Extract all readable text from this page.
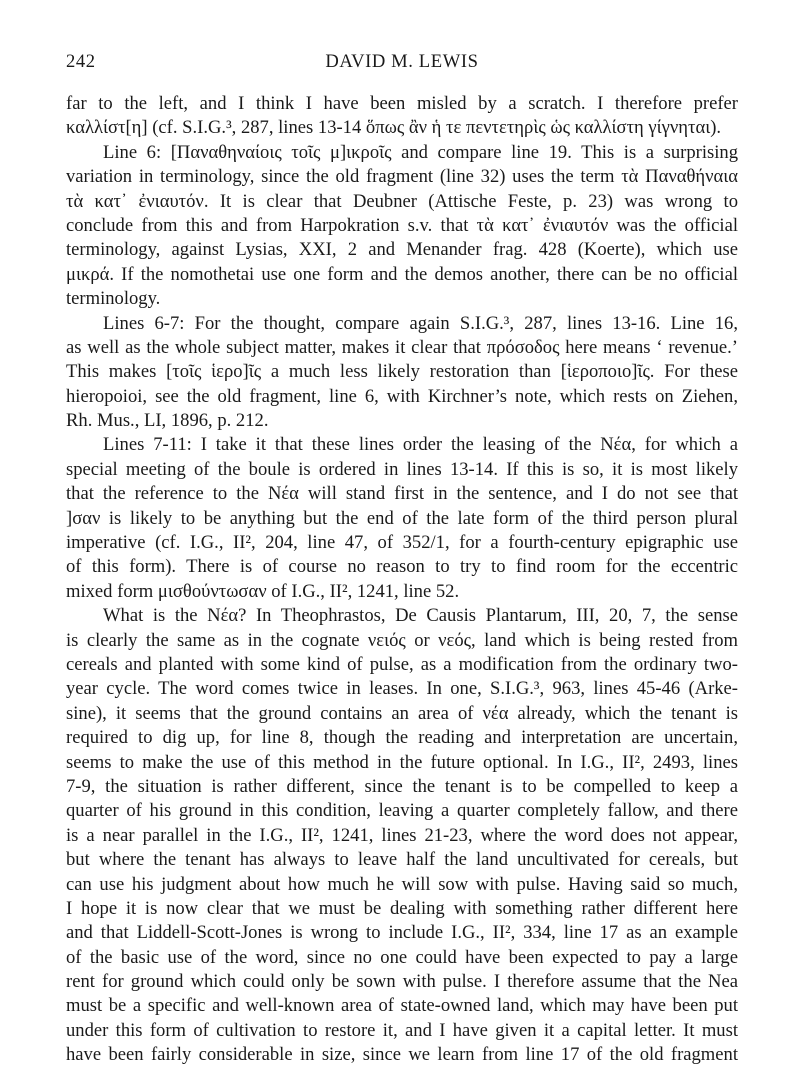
242	DAVID M. LEWIS
far to the left, and I think I have been misled by a scratch. I therefore prefer
καλλίστ[η] (cf. S.I.G.³, 287, lines 13-14 ὅπως ἂν ἡ τε πεντετηρὶς ὡς καλλίστη γίγνηται).
Line 6: [Παναθηναίοις τοῖς μ]ικροῖς and compare line 19. This is a surprising
variation in terminology, since the old fragment (line 32) uses the term τὰ Παναθήναια
τὰ κατ᾽ ἐνιαυτόν. It is clear that Deubner (Attische Feste, p. 23) was wrong to
conclude from this and from Harpokration s.v. that τὰ κατ᾽ ἐνιαυτόν was the official
terminology, against Lysias, XXI, 2 and Menander frag. 428 (Koerte), which use
μικρά. If the nomothetai use one form and the demos another, there can be no official
terminology.
Lines 6-7: For the thought, compare again S.I.G.³, 287, lines 13-16. Line 16,
as well as the whole subject matter, makes it clear that πρόσοδος here means ‘ revenue.’
This makes [τοῖς ἱερο]ῖς a much less likely restoration than [ἱεροποιο]ῖς. For these
hieropoioi, see the old fragment, line 6, with Kirchner’s note, which rests on Ziehen,
Rh. Mus., LI, 1896, p. 212.
Lines 7-11: I take it that these lines order the leasing of the Νέα, for which a
special meeting of the boule is ordered in lines 13-14. If this is so, it is most likely
that the reference to the Νέα will stand first in the sentence, and I do not see that
]σαν is likely to be anything but the end of the late form of the third person plural
imperative (cf. I.G., II², 204, line 47, of 352/1, for a fourth-century epigraphic use
of this form). There is of course no reason to try to find room for the eccentric
mixed form μισθούντωσαν of I.G., II², 1241, line 52.
What is the Νέα? In Theophrastos, De Causis Plantarum, III, 20, 7, the sense
is clearly the same as in the cognate νειός or νεός, land which is being rested from
cereals and planted with some kind of pulse, as a modification from the ordinary two-
year cycle. The word comes twice in leases. In one, S.I.G.³, 963, lines 45-46 (Arke-
sine), it seems that the ground contains an area of νέα already, which the tenant is
required to dig up, for line 8, though the reading and interpretation are uncertain,
seems to make the use of this method in the future optional. In I.G., II², 2493, lines
7-9, the situation is rather different, since the tenant is to be compelled to keep a
quarter of his ground in this condition, leaving a quarter completely fallow, and there
is a near parallel in the I.G., II², 1241, lines 21-23, where the word does not appear,
but where the tenant has always to leave half the land uncultivated for cereals, but
can use his judgment about how much he will sow with pulse. Having said so much,
I hope it is now clear that we must be dealing with something rather different here
and that Liddell-Scott-Jones is wrong to include I.G., II², 334, line 17 as an example
of the basic use of the word, since no one could have been expected to pay a large
rent for ground which could only be sown with pulse. I therefore assume that the Nea
must be a specific and well-known area of state-owned land, which may have been put
under this form of cultivation to restore it, and I have given it a capital letter. It must
have been fairly considerable in size, since we learn from line 17 of the old fragment
